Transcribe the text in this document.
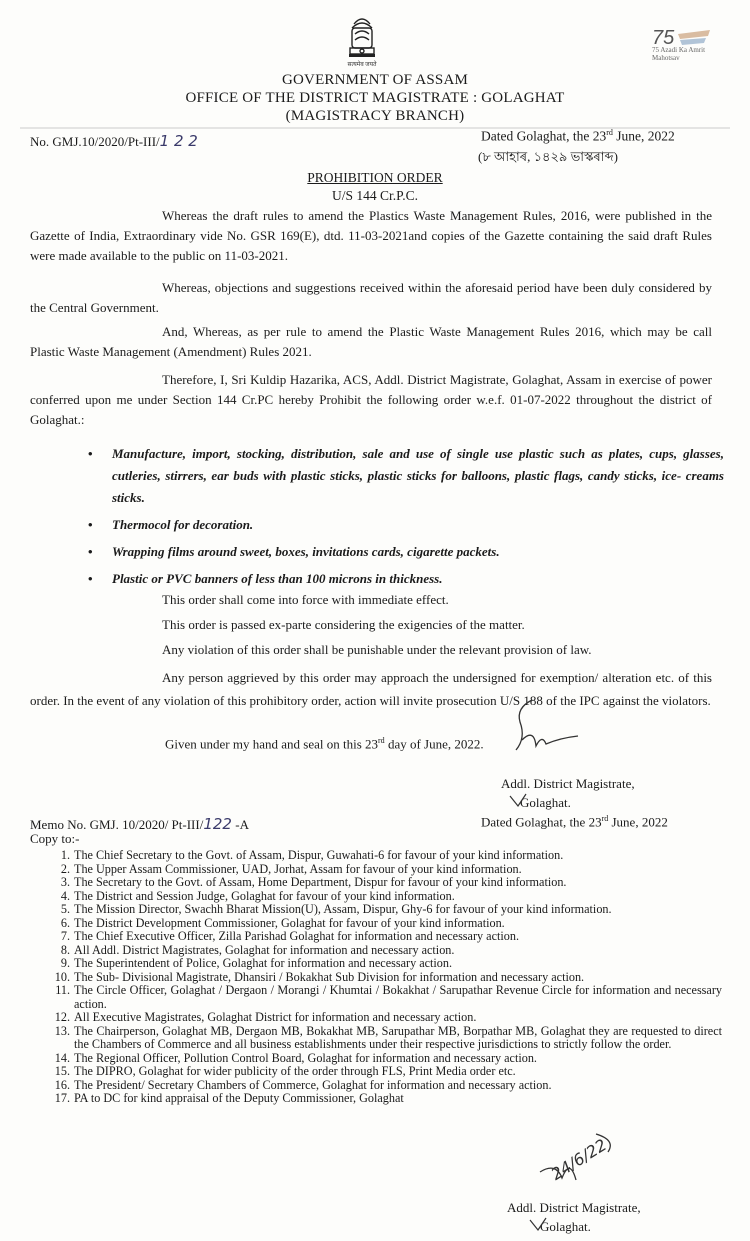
सत्यमेव जयते
75
75 Azadi Ka Amrit Mahotsav
GOVERNMENT OF ASSAM
OFFICE OF THE DISTRICT MAGISTRATE : GOLAGHAT
(MAGISTRACY BRANCH)
No. GMJ.10/2020/Pt-III/1 2 2	Dated Golaghat, the 23rd June, 2022
(৮ আহাৰ, ১৪২৯ ভাস্কৰাব্দ)
PROHIBITION ORDER
U/S 144 Cr.P.C.
Whereas the draft rules to amend the Plastics Waste Management Rules, 2016, were published in the Gazette of India, Extraordinary vide No. GSR 169(E), dtd. 11-03-2021and copies of the Gazette containing the said draft Rules were made available to the public on 11-03-2021.
Whereas, objections and suggestions received within the aforesaid period have been duly considered by the Central Government.
And, Whereas, as per rule to amend the Plastic Waste Management Rules 2016, which may be call Plastic Waste Management (Amendment) Rules 2021.
Therefore, I, Sri Kuldip Hazarika, ACS, Addl. District Magistrate, Golaghat, Assam in exercise of power conferred upon me under Section 144 Cr.PC hereby Prohibit the following order w.e.f. 01-07-2022 throughout the district of Golaghat.:
• Manufacture, import, stocking, distribution, sale and use of single use plastic such as plates, cups, glasses, cutleries, stirrers, ear buds with plastic sticks, plastic sticks for balloons, plastic flags, candy sticks, ice- creams sticks.
• Thermocol for decoration.
• Wrapping films around sweet, boxes, invitations cards, cigarette packets.
• Plastic or PVC banners of less than 100 microns in thickness.
This order shall come into force with immediate effect.
This order is passed ex-parte considering the exigencies of the matter.
Any violation of this order shall be punishable under the relevant provision of law.
Any person aggrieved by this order may approach the undersigned for exemption/ alteration etc. of this order. In the event of any violation of this prohibitory order, action will invite prosecution U/S 188 of the IPC against the violators.
Given under my hand and seal on this 23rd day of June, 2022.
Addl. District Magistrate,
Golaghat.
Memo No. GMJ. 10/2020/ Pt-III/122 -A	Dated Golaghat, the 23rd June, 2022
Copy to:-
1. The Chief Secretary to the Govt. of Assam, Dispur, Guwahati-6 for favour of your kind information.
2. The Upper Assam Commissioner, UAD, Jorhat, Assam for favour of your kind information.
3. The Secretary to the Govt. of Assam, Home Department, Dispur for favour of your kind information.
4. The District and Session Judge, Golaghat for favour of your kind information.
5. The Mission Director, Swachh Bharat Mission(U), Assam, Dispur, Ghy-6 for favour of your kind information.
6. The District Development Commissioner, Golaghat for favour of your kind information.
7. The Chief Executive Officer, Zilla Parishad Golaghat for information and necessary action.
8. All Addl. District Magistrates, Golaghat for information and necessary action.
9. The Superintendent of Police, Golaghat for information and necessary action.
10. The Sub- Divisional Magistrate, Dhansiri / Bokakhat Sub Division for information and necessary action.
11. The Circle Officer, Golaghat / Dergaon / Morangi / Khumtai / Bokakhat / Sarupathar Revenue Circle for information and necessary action.
12. All Executive Magistrates, Golaghat District for information and necessary action.
13. The Chairperson, Golaghat MB, Dergaon MB, Bokakhat MB, Sarupathar MB, Borpathar MB, Golaghat they are requested to direct the Chambers of Commerce and all business establishments under their respective jurisdictions to strictly follow the order.
14. The Regional Officer, Pollution Control Board, Golaghat for information and necessary action.
15. The DIPRO, Golaghat for wider publicity of the order through FLS, Print Media order etc.
16. The President/ Secretary Chambers of Commerce, Golaghat for information and necessary action.
17. PA to DC for kind appraisal of the Deputy Commissioner, Golaghat
24/6/22
Addl. District Magistrate,
Golaghat.
